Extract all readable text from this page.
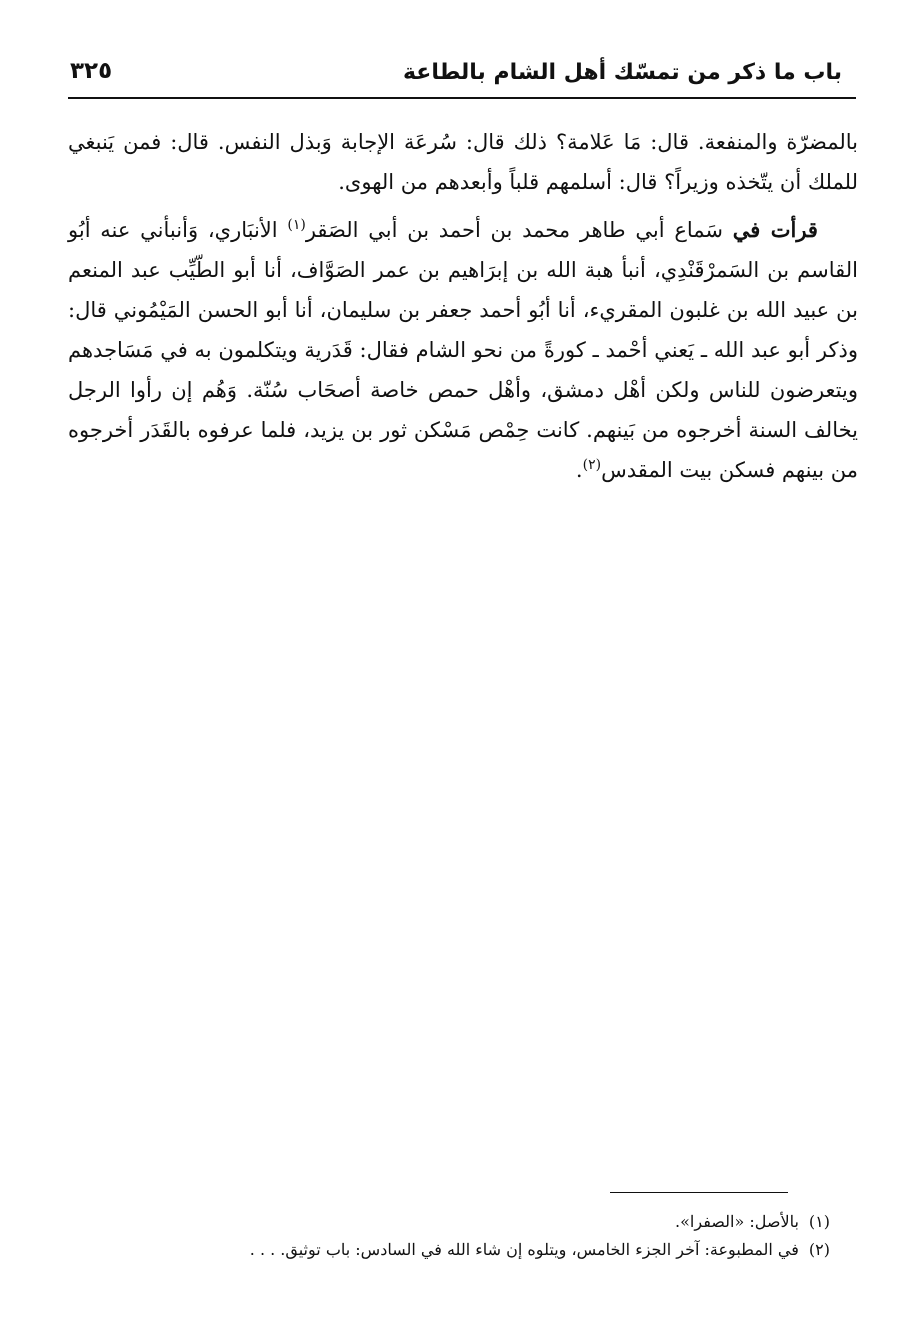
باب ما ذكر من تمسّك أهل الشام بالطاعة
٣٢٥

بالمضرّة والمنفعة. قال: مَا عَلامة؟ ذلك قال: سُرعَة الإجابة وَبذل النفس. قال: فمن يَنبغي للملك أن يتّخذه وزيراً؟ قال: أسلمهم قلباً وأبعدهم من الهوى.

قرأت في سَماع أبي طاهر محمد بن أحمد بن أبي الصَقر$^{(١)}$ الأنبَاري، وَأنبأني عنه أبُو القاسم بن السَمرْقَنْدِي، أنبأ هبة الله بن إبرَاهيم بن عمر الصَوَّاف، أنا أبو الطّيِّب عبد المنعم بن عبيد الله بن غلبون المقريء، أنا أبُو أحمد جعفر بن سليمان، أنا أبو الحسن المَيْمُوني قال: وذكر أبو عبد الله ـ يَعني أحْمد ـ كورةً من نحو الشام فقال: قَدَرية ويتكلمون به في مَسَاجدهم ويتعرضون للناس ولكن أهْل دمشق، وأهْل حمص خاصة أصحَاب سُنّة. وَهُم إن رأوا الرجل يخالف السنة أخرجوه من بَينهم. كانت حِمْص مَسْكن ثور بن يزيد، فلما عرفوه بالقَدَر أخرجوه من بينهم فسكن بيت المقدس$^{(٢)}$.

(١)بالأصل: «الصفرا».
(٢)في المطبوعة: آخر الجزء الخامس، ويتلوه إن شاء الله في السادس: باب توثيق. . . .
